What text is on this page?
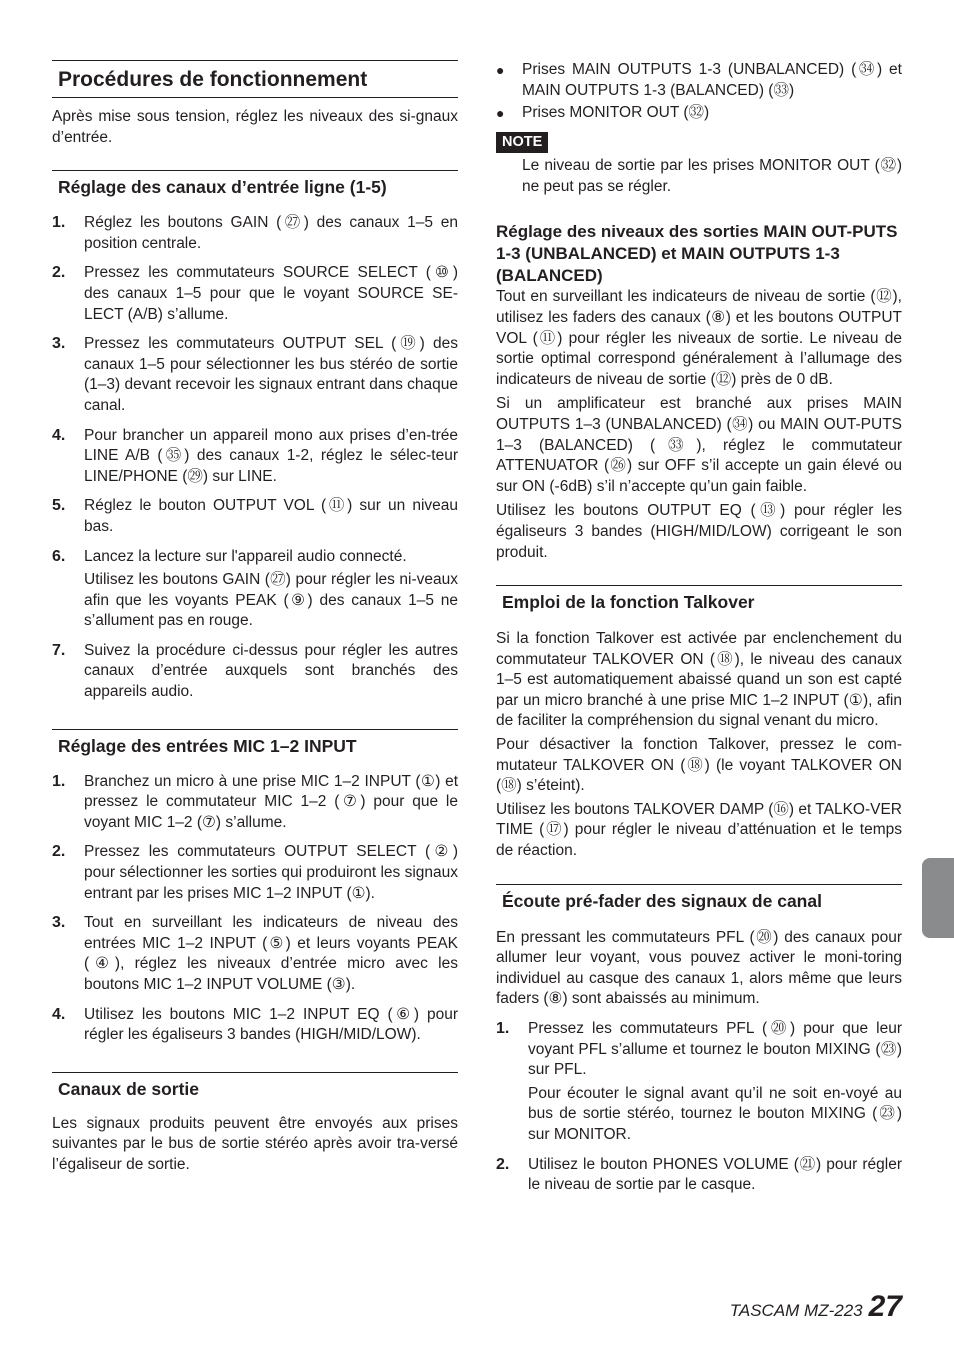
Procédures de fonctionnement

Après mise sous tension, réglez les niveaux des si-gnaux d’entrée.

Réglage des canaux d’entrée ligne (1-5)
1.	Réglez les boutons GAIN (㉗) des canaux 1–5 en position centrale.
2.	Pressez les commutateurs SOURCE SELECT (⑩) des canaux 1–5 pour que le voyant SOURCE SE-LECT (A/B) s’allume.
3.	Pressez les commutateurs OUTPUT SEL (⑲) des canaux 1–5 pour sélectionner les bus stéréo de sortie (1–3) devant recevoir les signaux entrant dans chaque canal.
4.	Pour brancher un appareil mono aux prises d’en-trée LINE A/B (㉟) des canaux 1-2, réglez le sélec-teur LINE/PHONE (㉙) sur LINE.
5.	Réglez le bouton OUTPUT VOL (⑪) sur un niveau bas.
6.	Lancez la lecture sur l'appareil audio connecté.
Utilisez les boutons GAIN (㉗) pour régler les ni-veaux afin que les voyants PEAK (⑨) des canaux 1–5 ne s’allument pas en rouge.
7.	Suivez la procédure ci-dessus pour régler les autres canaux d’entrée auxquels sont branchés des appareils audio.
Réglage des entrées MIC 1–2 INPUT
1.	Branchez un micro à une prise MIC 1–2 INPUT (①) et pressez le commutateur MIC 1–2 (⑦) pour que le voyant MIC 1–2 (⑦) s’allume.
2.	Pressez les commutateurs OUTPUT SELECT (②) pour sélectionner les sorties qui produiront les signaux entrant par les prises MIC 1–2 INPUT (①).
3.	Tout en surveillant les indicateurs de niveau des entrées MIC 1–2 INPUT (⑤) et leurs voyants PEAK (④), réglez les niveaux d’entrée micro avec les boutons MIC 1–2 INPUT VOLUME (③).
4.	Utilisez les boutons MIC 1–2 INPUT EQ (⑥) pour régler les égaliseurs 3 bandes (HIGH/MID/LOW).
Canaux de sortie

Les signaux produits peuvent être envoyés aux prises suivantes par le bus de sortie stéréo après avoir tra-versé l’égaliseur de sortie.

●	Prises MAIN OUTPUTS 1-3 (UNBALANCED) (㉞) et MAIN OUTPUTS 1-3 (BALANCED) (㉝)

●	Prises MONITOR OUT (㉜)

NOTE

Le niveau de sortie par les prises MONITOR OUT (㉜) ne peut pas se régler.

Réglage des niveaux des sorties MAIN OUT-PUTS 1-3 (UNBALANCED) et MAIN OUTPUTS 1-3 (BALANCED)

Tout en surveillant les indicateurs de niveau de sortie (⑫), utilisez les faders des canaux (⑧) et les boutons OUTPUT VOL (⑪) pour régler les niveaux de sortie. Le niveau de sortie optimal correspond généralement à l’allumage des indicateurs de niveau de sortie (⑫) près de 0 dB.

Si un amplificateur est branché aux prises MAIN OUTPUTS 1–3 (UNBALANCED) (㉞) ou MAIN OUT-PUTS 1–3 (BALANCED) (㉝), réglez le commutateur ATTENUATOR (㉖) sur OFF s’il accepte un gain élevé ou sur ON (-6dB) s’il n’accepte qu’un gain faible.

Utilisez les boutons OUTPUT EQ (⑬) pour régler les égaliseurs 3 bandes (HIGH/MID/LOW) corrigeant le son produit.

Emploi de la fonction Talkover

Si la fonction Talkover est activée par enclenchement du commutateur TALKOVER ON (⑱), le niveau des canaux 1–5 est automatiquement abaissé quand un son est capté par un micro branché à une prise MIC 1–2 INPUT (①), afin de faciliter la compréhension du signal venant du micro.

Pour désactiver la fonction Talkover, pressez le com-mutateur TALKOVER ON (⑱) (le voyant TALKOVER ON (⑱) s’éteint).

Utilisez les boutons TALKOVER DAMP (⑯) et TALKO-VER TIME (⑰) pour régler le niveau d’atténuation et le temps de réaction.

Écoute pré-fader des signaux de canal

En pressant les commutateurs PFL (⑳) des canaux pour allumer leur voyant, vous pouvez activer le moni-toring individuel au casque des canaux 1, alors même que leurs faders (⑧) sont abaissés au minimum.

1.	Pressez les commutateurs PFL (⑳) pour que leur voyant PFL s’allume et tournez le bouton MIXING (㉓) sur PFL.
Pour écouter le signal avant qu’il ne soit en-voyé au bus de sortie stéréo, tournez le bouton MIXING (㉓) sur MONITOR.
2.	Utilisez le bouton PHONES VOLUME (㉑) pour régler le niveau de sortie par le casque.
TASCAM MZ-223 27
